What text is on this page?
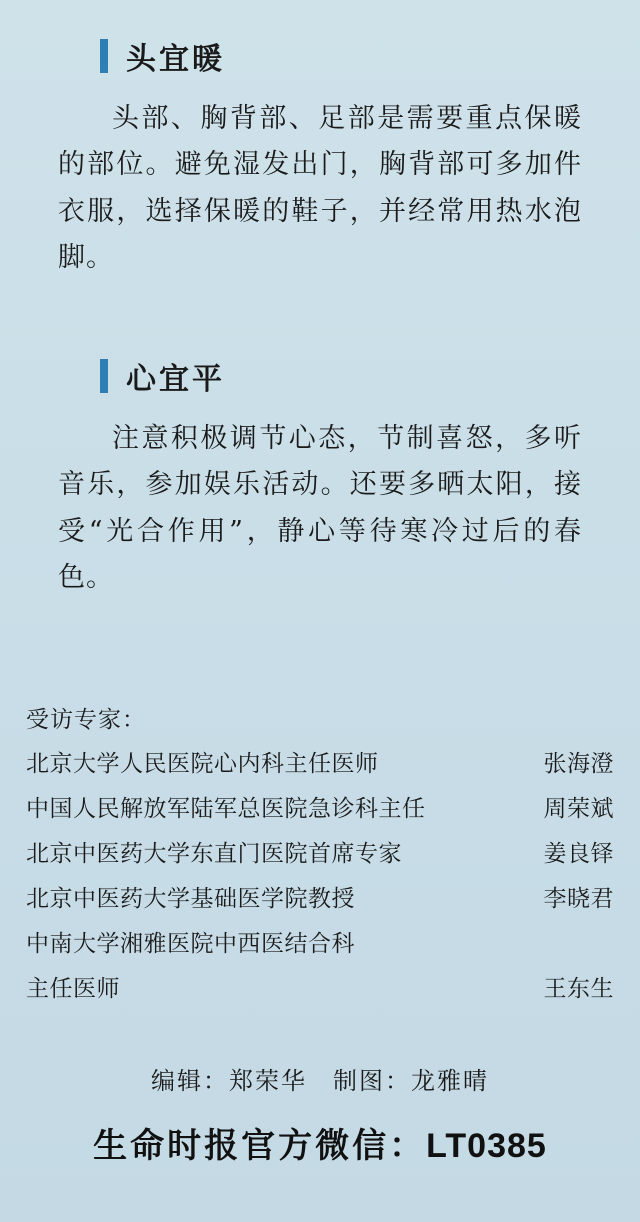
头宜暖
头部、胸背部、足部是需要重点保暖的部位。避免湿发出门，胸背部可多加件衣服，选择保暖的鞋子，并经常用热水泡脚。
心宜平
注意积极调节心态，节制喜怒，多听音乐，参加娱乐活动。还要多晒太阳，接受“光合作用”，静心等待寒冷过后的春色。
受访专家：
北京大学人民医院心内科主任医师	张海澄
中国人民解放军陆军总医院急诊科主任	周荣斌
北京中医药大学东直门医院首席专家	姜良铎
北京中医药大学基础医学院教授	李晓君
中南大学湘雅医院中西医结合科
主任医师	王东生
编辑：郑荣华 制图：龙雅晴
生命时报官方微信：LT0385
